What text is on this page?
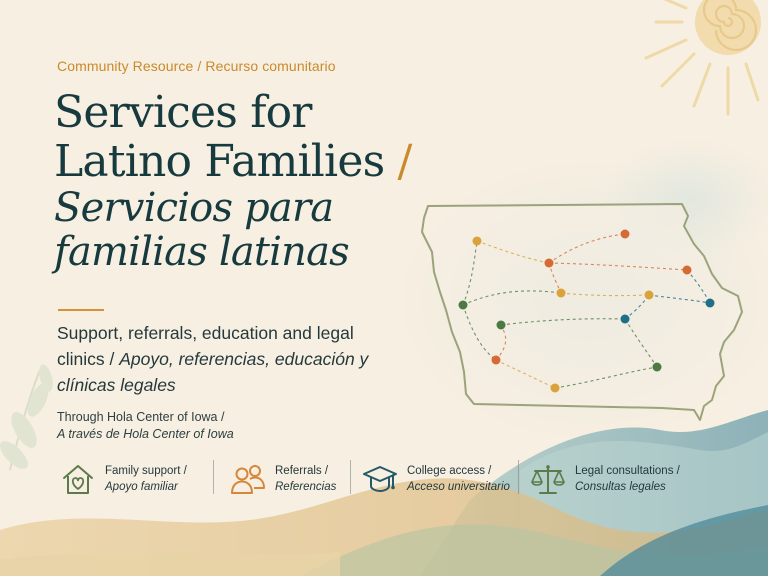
Community Resource / Recurso comunitario
Services for
Latino Families /
Servicios para
familias latinas

Support, referrals, education and legal clinics / Apoyo, referencias, educación y clínicas legales

Through Hola Center of Iowa /
A través de Hola Center of Iowa
Family support /
Apoyo familiar
Referrals /
Referencias
College access /
Acceso universitario
Legal consultations /
Consultas legales
